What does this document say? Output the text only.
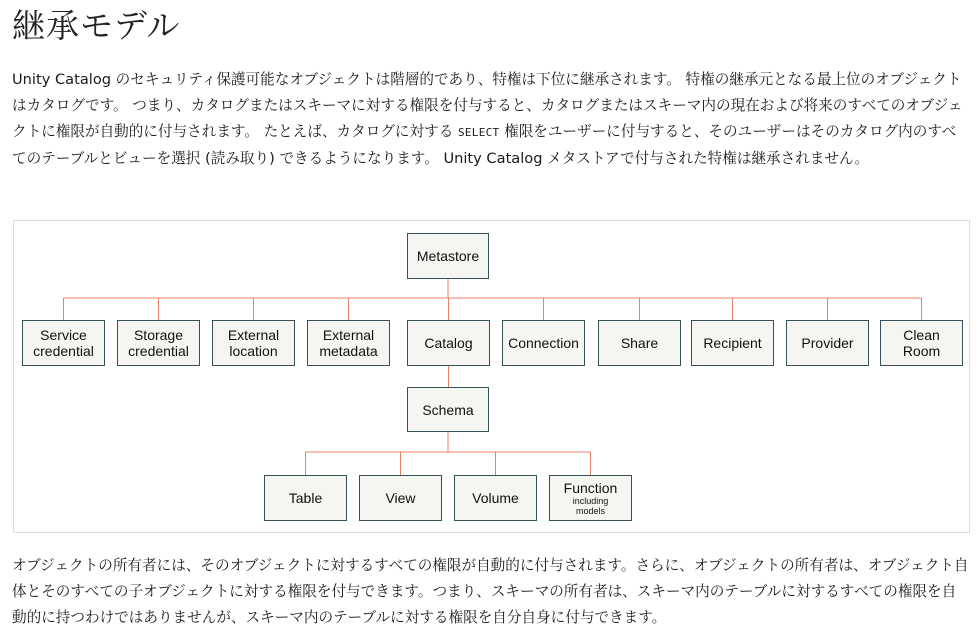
継承モデル

Unity Catalog のセキュリティ保護可能なオブジェクトは階層的であり、特権は下位に継承されます。 特権の継承元となる最上位のオブジェクトはカタログです。 つまり、カタログまたはスキーマに対する権限を付与すると、カタログまたはスキーマ内の現在および将来のすべてのオブジェクトに権限が自動的に付与されます。 たとえば、カタログに対する SELECT 権限をユーザーに付与すると、そのユーザーはそのカタログ内のすべてのテーブルとビューを選択 (読み取り) できるようになります。 Unity Catalog メタストアで付与された特権は継承されません。

Metastore
Service
credential
Storage
credential
External
location
External
metadata	Catalog	Connection	Share	Recipient	Provider	Clean
Room
Schema
Table	View	Volume
Function
including
models

オブジェクトの所有者には、そのオブジェクトに対するすべての権限が自動的に付与されます。さらに、オブジェクトの所有者は、オブジェクト自体とそのすべての子オブジェクトに対する権限を付与できます。つまり、スキーマの所有者は、スキーマ内のテーブルに対するすべての権限を自動的に持つわけではありませんが、スキーマ内のテーブルに対する権限を自分自身に付与できます。
